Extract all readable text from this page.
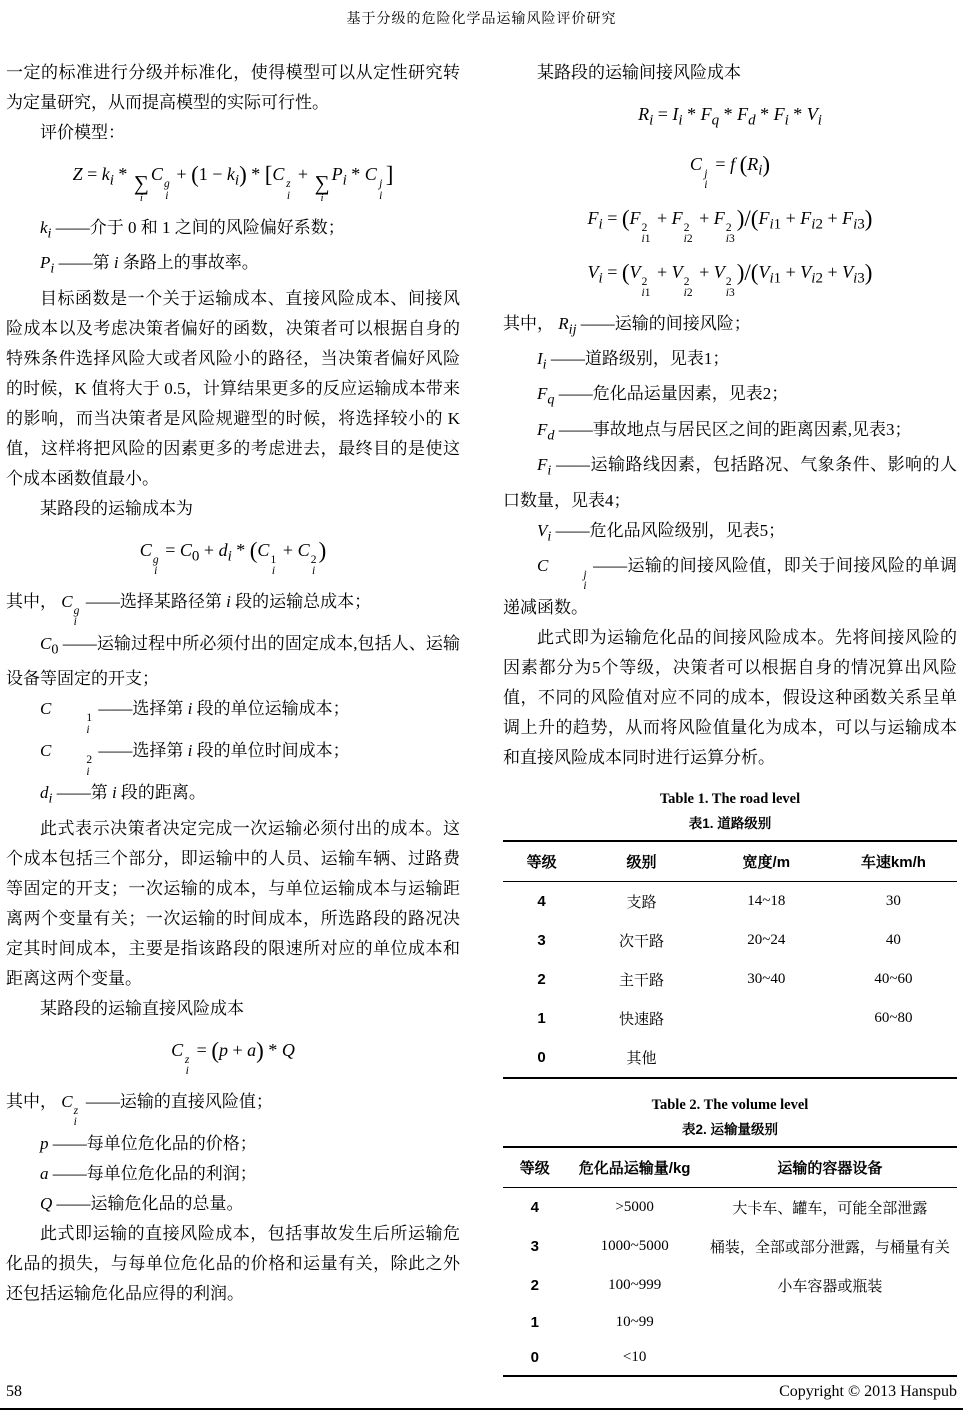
基于分级的危险化学品运输风险评价研究

一定的标准进行分级并标准化，使得模型可以从定性研究转为定量研究，从而提高模型的实际可行性。

评价模型：

$Z = k_i$ * ∑
i
C g
i
+ $(1 - k_i) * [C$ z
i
+ ∑
i
$P_i$ * C j
i
]

$k_i$ ——介于 0 和 1 之间的风险偏好系数；

$P_i$ ——第 i 条路上的事故率。

目标函数是一个关于运输成本、直接风险成本、间接风险成本以及考虑决策者偏好的函数，决策者可以根据自身的特殊条件选择风险大或者风险小的路径，当决策者偏好风险的时候，K 值将大于 0.5，计算结果更多的反应运输成本带来的影响，而当决策者是风险规避型的时候，将选择较小的 K 值，这样将把风险的因素更多的考虑进去，最终目的是使这个成本函数值最小。

某路段的运输成本为

C g
i
= $C_0 + d_i * (C$ 1
i
+ C 2
i
)

其中， C g
i
——选择某路径第 i 段的运输总成本；

$C_0$ ——运输过程中所必须付出的固定成本,包括人、运输设备等固定的开支；

C	1
i
——选择第 i 段的单位运输成本；

C	2
i
——选择第 i 段的单位时间成本；

$d_i$ ——第 i 段的距离。

此式表示决策者决定完成一次运输必须付出的成本。这个成本包括三个部分，即运输中的人员、运输车辆、过路费等固定的开支；一次运输的成本，与单位运输成本与运输距离两个变量有关；一次运输的时间成本，所选路段的路况决定其时间成本，主要是指该路段的限速所对应的单位成本和距离这两个变量。

某路段的运输直接风险成本

C z
i
= (p + a) * Q

其中， C z
i
——运输的直接风险值；

p ——每单位危化品的价格；

a ——每单位危化品的利润；

Q ——运输危化品的总量。

此式即运输的直接风险成本，包括事故发生后所运输危化品的损失，与每单位危化品的价格和运量有关，除此之外还包括运输危化品应得的利润。

某路段的运输间接风险成本

$R_i = I_i * F_q * F_d * F_i * V_i$
C j
i
= f $(R_i)$
$F_i = (F$ 2
i1
+ F 2
i2
+ F 2
i3
)$/(F_{i1} + F_{i2} + F_{i3})$
$V_i = (V$ 2
i1
+ V 2
i2
+ V 2
i3
)$/(V_{i1} + V_{i2} + V_{i3})$

其中， $R_{ij}$ ——运输的间接风险；

$I_i$ ——道路级别，见表1；

$F_q$ ——危化品运量因素，见表2；

$F_d$ ——事故地点与居民区之间的距离因素,见表3；

$F_i$ ——运输路线因素，包括路况、气象条件、影响的人口数量，见表4；

$V_i$ ——危化品风险级别，见表5；

C	j
i
——运输的间接风险值，即关于间接风险的单调递减函数。

此式即为运输危化品的间接风险成本。先将间接风险的因素都分为5个等级，决策者可以根据自身的情况算出风险值，不同的风险值对应不同的成本，假设这种函数关系呈单调上升的趋势，从而将风险值量化为成本，可以与运输成本和直接风险成本同时进行运算分析。

Table 1. The road level
表1. 道路级别
等级	级别	宽度/m	车速km/h
4	支路	14~18	30
3	次干路	20~24	40
2	主干路	30~40	40~60
1	快速路		60~80
0	其他		
Table 2. The volume level
表2. 运输量级别
等级	危化品运输量/kg	运输的容器设备
4	>5000	大卡车、罐车，可能全部泄露
3	1000~5000	桶装，全部或部分泄露，与桶量有关
2	100~999	小车容器或瓶装
1	10~99	
0	<10	
58	Copyright © 2013 Hanspub
